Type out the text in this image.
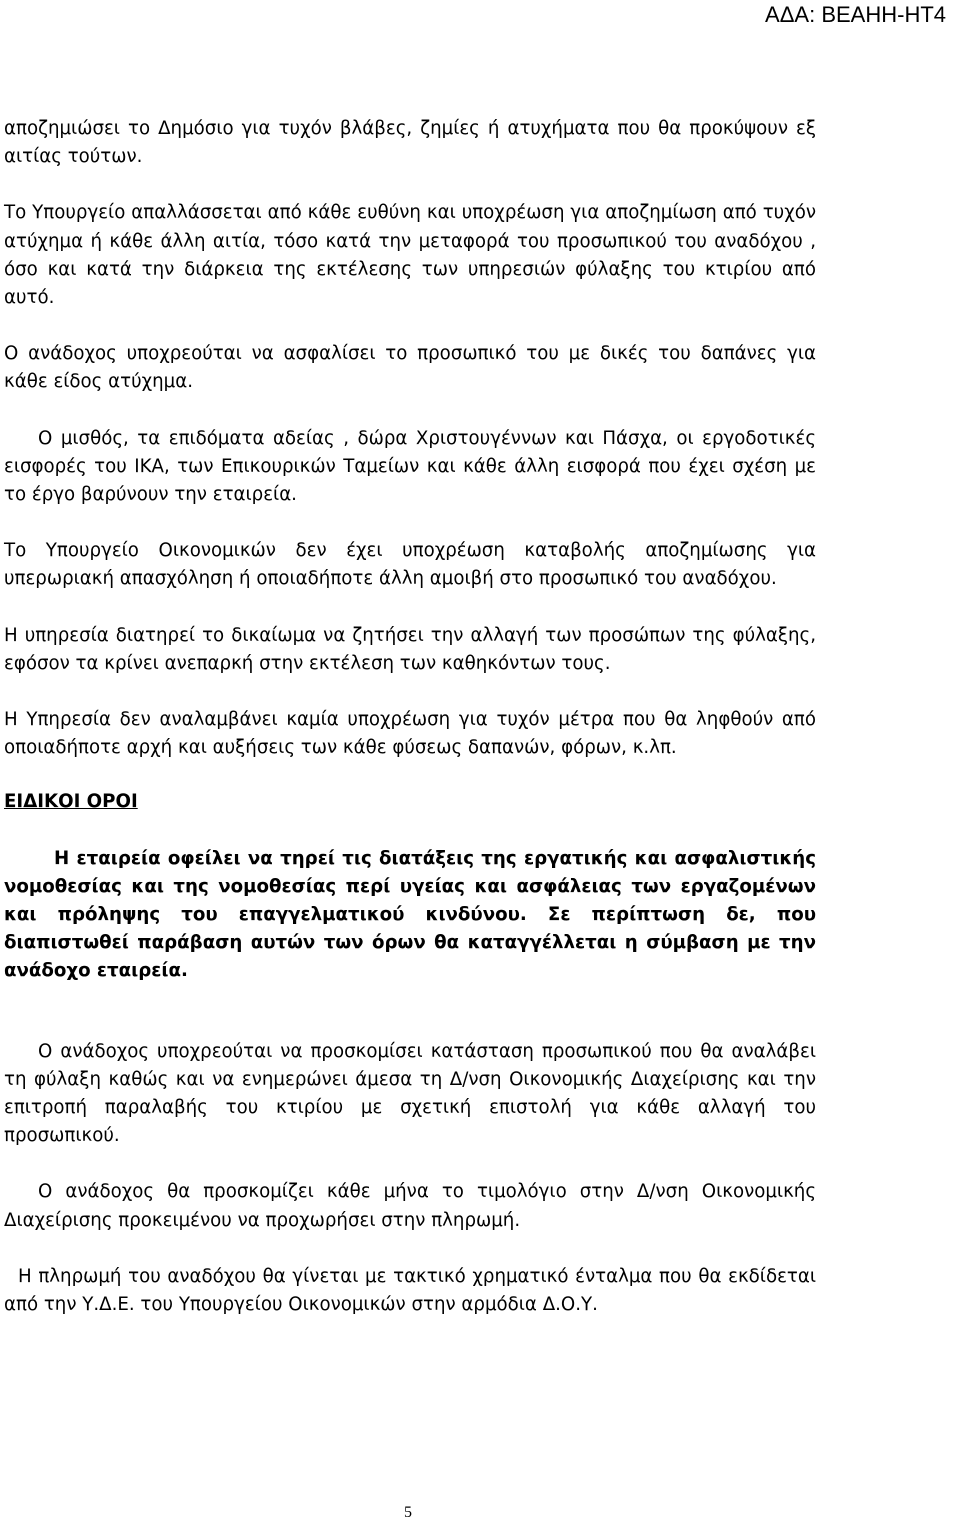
ΑΔΑ: ΒΕΑΗΗ-ΗΤ4

αποζημιώσει το Δημόσιο για τυχόν βλάβες, ζημίες ή ατυχήματα που θα προκύψουν εξ αιτίας τούτων.

Το Υπουργείο απαλλάσσεται από κάθε ευθύνη και υποχρέωση για αποζημίωση από τυχόν ατύχημα ή κάθε άλλη αιτία, τόσο κατά την μεταφορά του προσωπικού του αναδόχου , όσο και κατά την διάρκεια της εκτέλεσης των υπηρεσιών φύλαξης του κτιρίου από αυτό.

Ο ανάδοχος υποχρεούται να ασφαλίσει το προσωπικό του με δικές του δαπάνες για κάθε είδος ατύχημα.

Ο μισθός, τα επιδόματα αδείας , δώρα Χριστουγέννων και Πάσχα, οι εργοδοτικές εισφορές του ΙΚΑ, των Επικουρικών Ταμείων και κάθε άλλη εισφορά που έχει σχέση με το έργο βαρύνουν την εταιρεία.

Το Υπουργείο Οικονομικών δεν έχει υποχρέωση καταβολής αποζημίωσης για υπερωριακή απασχόληση ή οποιαδήποτε άλλη αμοιβή στο προσωπικό του αναδόχου.

Η υπηρεσία διατηρεί το δικαίωμα να ζητήσει την αλλαγή των προσώπων της φύλαξης, εφόσον τα κρίνει ανεπαρκή στην εκτέλεση των καθηκόντων τους.

Η Υπηρεσία δεν αναλαμβάνει καμία υποχρέωση για τυχόν μέτρα που θα ληφθούν από οποιαδήποτε αρχή και αυξήσεις των κάθε φύσεως δαπανών, φόρων, κ.λπ.

ΕΙΔΙΚΟΙ ΟΡΟΙ

Η εταιρεία οφείλει να τηρεί τις διατάξεις της εργατικής και ασφαλιστικής νομοθεσίας και της νομοθεσίας περί υγείας και ασφάλειας των εργαζομένων και πρόληψης του επαγγελματικού κινδύνου. Σε περίπτωση δε, που διαπιστωθεί παράβαση αυτών των όρων θα καταγγέλλεται η σύμβαση με την ανάδοχο εταιρεία.

Ο ανάδοχος υποχρεούται να προσκομίσει κατάσταση προσωπικού που θα αναλάβει τη φύλαξη καθώς και να ενημερώνει άμεσα τη Δ/νση Οικονομικής Διαχείρισης και την επιτροπή παραλαβής του κτιρίου με σχετική επιστολή για κάθε αλλαγή του προσωπικού.

Ο ανάδοχος θα προσκομίζει κάθε μήνα το τιμολόγιο στην Δ/νση Οικονομικής Διαχείρισης προκειμένου να προχωρήσει στην πληρωμή.

Η πληρωμή του αναδόχου θα γίνεται με τακτικό χρηματικό ένταλμα που θα εκδίδεται από την Υ.Δ.Ε. του Υπουργείου Οικονομικών στην αρμόδια Δ.Ο.Υ.

5
